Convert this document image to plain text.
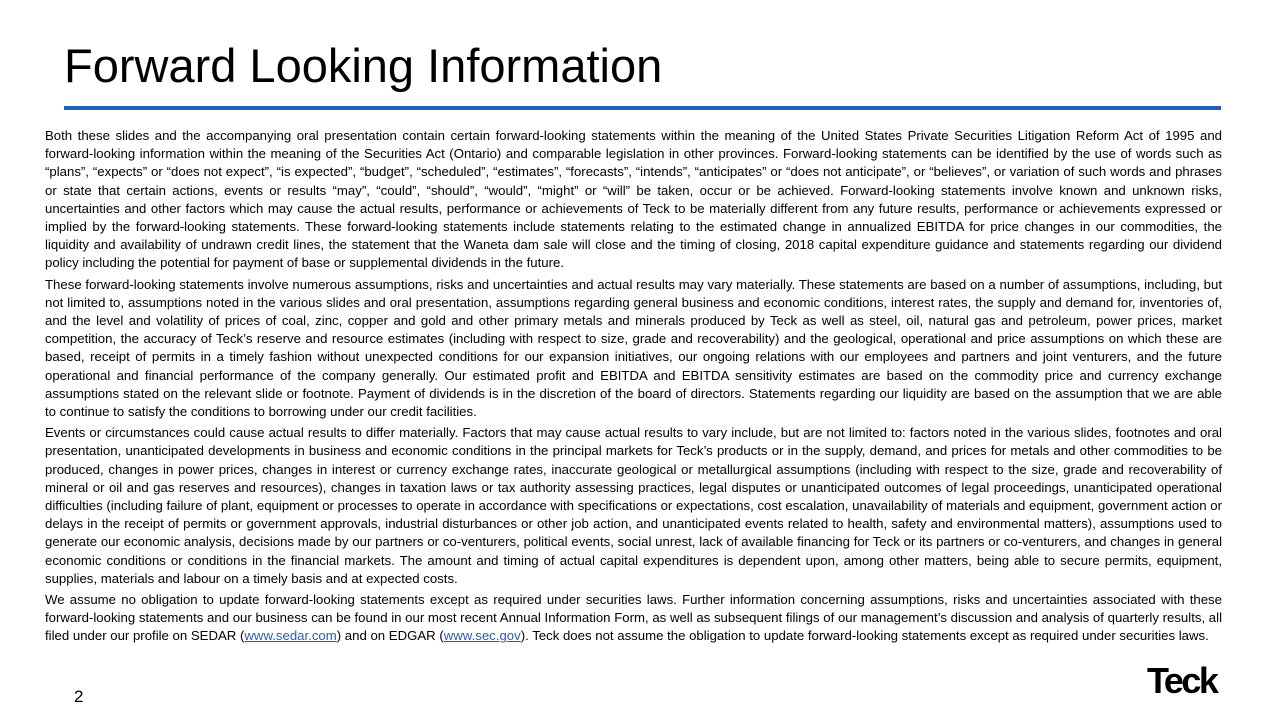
Forward Looking Information

Both these slides and the accompanying oral presentation contain certain forward-looking statements within the meaning of the United States Private Securities Litigation Reform Act of 1995 and forward-looking information within the meaning of the Securities Act (Ontario) and comparable legislation in other provinces. Forward-looking statements can be identified by the use of words such as “plans”, “expects” or “does not expect”, “is expected”, “budget”, “scheduled”, “estimates”, “forecasts”, “intends”, “anticipates” or “does not anticipate”, or “believes”, or variation of such words and phrases or state that certain actions, events or results “may”, “could”, “should”, “would”, “might” or “will” be taken, occur or be achieved. Forward-looking statements involve known and unknown risks, uncertainties and other factors which may cause the actual results, performance or achievements of Teck to be materially different from any future results, performance or achievements expressed or implied by the forward-looking statements. These forward-looking statements include statements relating to the estimated change in annualized EBITDA for price changes in our commodities, the liquidity and availability of undrawn credit lines, the statement that the Waneta dam sale will close and the timing of closing, 2018 capital expenditure guidance and statements regarding our dividend policy including the potential for payment of base or supplemental dividends in the future.

These forward-looking statements involve numerous assumptions, risks and uncertainties and actual results may vary materially. These statements are based on a number of assumptions, including, but not limited to, assumptions noted in the various slides and oral presentation, assumptions regarding general business and economic conditions, interest rates, the supply and demand for, inventories of, and the level and volatility of prices of coal, zinc, copper and gold and other primary metals and minerals produced by Teck as well as steel, oil, natural gas and petroleum, power prices, market competition, the accuracy of Teck’s reserve and resource estimates (including with respect to size, grade and recoverability) and the geological, operational and price assumptions on which these are based, receipt of permits in a timely fashion without unexpected conditions for our expansion initiatives, our ongoing relations with our employees and partners and joint venturers, and the future operational and financial performance of the company generally. Our estimated profit and EBITDA and EBITDA sensitivity estimates are based on the commodity price and currency exchange assumptions stated on the relevant slide or footnote. Payment of dividends is in the discretion of the board of directors. Statements regarding our liquidity are based on the assumption that we are able to continue to satisfy the conditions to borrowing under our credit facilities.

Events or circumstances could cause actual results to differ materially. Factors that may cause actual results to vary include, but are not limited to: factors noted in the various slides, footnotes and oral presentation, unanticipated developments in business and economic conditions in the principal markets for Teck’s products or in the supply, demand, and prices for metals and other commodities to be produced, changes in power prices, changes in interest or currency exchange rates, inaccurate geological or metallurgical assumptions (including with respect to the size, grade and recoverability of mineral or oil and gas reserves and resources), changes in taxation laws or tax authority assessing practices, legal disputes or unanticipated outcomes of legal proceedings, unanticipated operational difficulties (including failure of plant, equipment or processes to operate in accordance with specifications or expectations, cost escalation, unavailability of materials and equipment, government action or delays in the receipt of permits or government approvals, industrial disturbances or other job action, and unanticipated events related to health, safety and environmental matters), assumptions used to generate our economic analysis, decisions made by our partners or co-venturers, political events, social unrest, lack of available financing for Teck or its partners or co-venturers, and changes in general economic conditions or conditions in the financial markets. The amount and timing of actual capital expenditures is dependent upon, among other matters, being able to secure permits, equipment, supplies, materials and labour on a timely basis and at expected costs.

We assume no obligation to update forward-looking statements except as required under securities laws. Further information concerning assumptions, risks and uncertainties associated with these forward-looking statements and our business can be found in our most recent Annual Information Form, as well as subsequent filings of our management’s discussion and analysis of quarterly results, all filed under our profile on SEDAR (www.sedar.com) and on EDGAR (www.sec.gov). Teck does not assume the obligation to update forward-looking statements except as required under securities laws.

2	Teck
